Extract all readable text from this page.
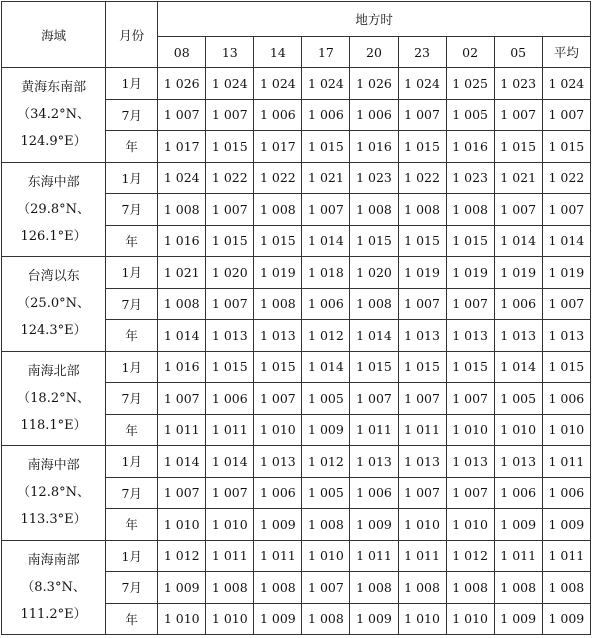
海域	月份	地方时								
		08	13	14	17	20	23	02	05	平均

黄海东南部
（34.2°N、
124.9°E）	1月	1 026	1 024	1 024	1 024	1 026	1 024	1 025	1 023	1 024
	7月	1 007	1 007	1 006	1 006	1 006	1 007	1 005	1 007	1 007
	年	1 017	1 015	1 017	1 015	1 016	1 015	1 016	1 015	1 015

东海中部
（29.8°N、
126.1°E）	1月	1 024	1 022	1 022	1 021	1 023	1 022	1 023	1 021	1 022
	7月	1 008	1 007	1 008	1 007	1 008	1 008	1 008	1 007	1 007
	年	1 016	1 015	1 015	1 014	1 015	1 015	1 015	1 014	1 014

台湾以东
（25.0°N、
124.3°E）	1月	1 021	1 020	1 019	1 018	1 020	1 019	1 019	1 019	1 019
	7月	1 008	1 007	1 008	1 006	1 008	1 007	1 007	1 006	1 007
	年	1 014	1 013	1 013	1 012	1 014	1 013	1 013	1 013	1 013

南海北部
（18.2°N、
118.1°E）	1月	1 016	1 015	1 015	1 014	1 015	1 015	1 015	1 014	1 015
	7月	1 007	1 006	1 007	1 005	1 007	1 007	1 007	1 005	1 006
	年	1 011	1 011	1 010	1 009	1 011	1 011	1 010	1 010	1 010

南海中部
（12.8°N、
113.3°E）	1月	1 014	1 014	1 013	1 012	1 013	1 013	1 013	1 013	1 011
	7月	1 007	1 007	1 006	1 005	1 006	1 007	1 007	1 006	1 006
	年	1 010	1 010	1 009	1 008	1 009	1 010	1 010	1 009	1 009

南海南部
（8.3°N、
111.2°E）	1月	1 012	1 011	1 011	1 010	1 011	1 011	1 012	1 011	1 011
	7月	1 009	1 008	1 008	1 007	1 008	1 008	1 008	1 008	1 008
	年	1 010	1 010	1 009	1 008	1 009	1 010	1 010	1 009	1 009
